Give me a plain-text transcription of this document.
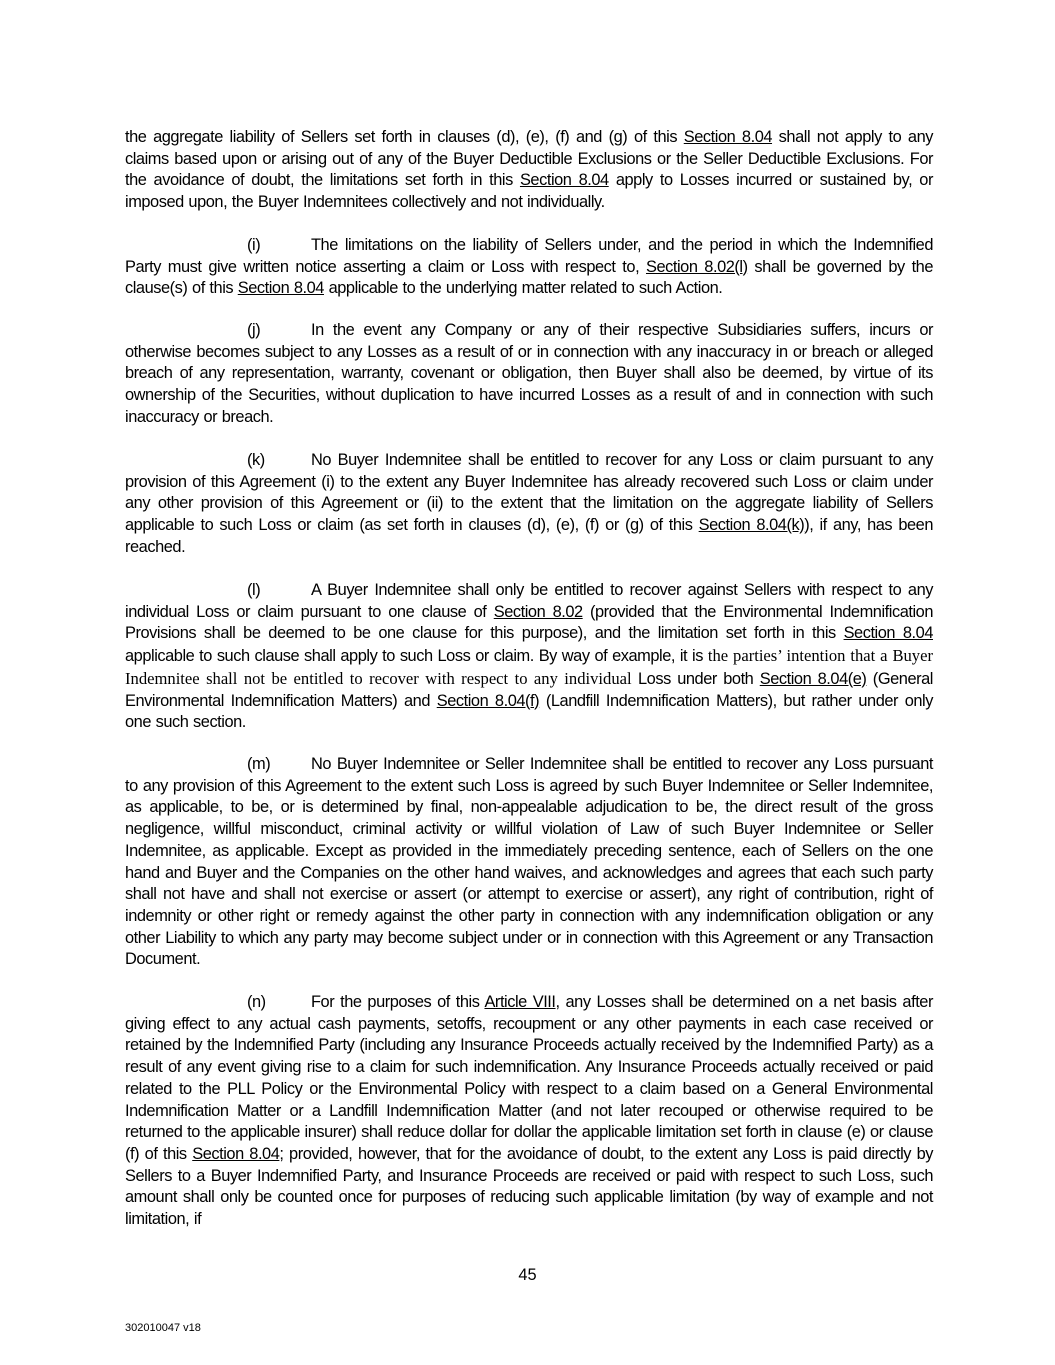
the aggregate liability of Sellers set forth in clauses (d), (e), (f) and (g) of this Section 8.04 shall not apply to any claims based upon or arising out of any of the Buyer Deductible Exclusions or the Seller Deductible Exclusions. For the avoidance of doubt, the limitations set forth in this Section 8.04 apply to Losses incurred or sustained by, or imposed upon, the Buyer Indemnitees collectively and not individually.

(i)	The limitations on the liability of Sellers under, and the period in which the Indemnified Party must give written notice asserting a claim or Loss with respect to, Section 8.02(l) shall be governed by the clause(s) of this Section 8.04 applicable to the underlying matter related to such Action.

(j)	In the event any Company or any of their respective Subsidiaries suffers, incurs or otherwise becomes subject to any Losses as a result of or in connection with any inaccuracy in or breach or alleged breach of any representation, warranty, covenant or obligation, then Buyer shall also be deemed, by virtue of its ownership of the Securities, without duplication to have incurred Losses as a result of and in connection with such inaccuracy or breach.

(k)	No Buyer Indemnitee shall be entitled to recover for any Loss or claim pursuant to any provision of this Agreement (i) to the extent any Buyer Indemnitee has already recovered such Loss or claim under any other provision of this Agreement or (ii) to the extent that the limitation on the aggregate liability of Sellers applicable to such Loss or claim (as set forth in clauses (d), (e), (f) or (g) of this Section 8.04(k)), if any, has been reached.

(l)	A Buyer Indemnitee shall only be entitled to recover against Sellers with respect to any individual Loss or claim pursuant to one clause of Section 8.02 (provided that the Environmental Indemnification Provisions shall be deemed to be one clause for this purpose), and the limitation set forth in this Section 8.04 applicable to such clause shall apply to such Loss or claim. By way of example, it is the parties’ intention that a Buyer Indemnitee shall not be entitled to recover with respect to any individual Loss under both Section 8.04(e) (General Environmental Indemnification Matters) and Section 8.04(f) (Landfill Indemnification Matters), but rather under only one such section.

(m) No Buyer Indemnitee or Seller Indemnitee shall be entitled to recover any Loss pursuant to any provision of this Agreement to the extent such Loss is agreed by such Buyer Indemnitee or Seller Indemnitee, as applicable, to be, or is determined by final, non-appealable adjudication to be, the direct result of the gross negligence, willful misconduct, criminal activity or willful violation of Law of such Buyer Indemnitee or Seller Indemnitee, as applicable. Except as provided in the immediately preceding sentence, each of Sellers on the one hand and Buyer and the Companies on the other hand waives, and acknowledges and agrees that each such party shall not have and shall not exercise or assert (or attempt to exercise or assert), any right of contribution, right of indemnity or other right or remedy against the other party in connection with any indemnification obligation or any other Liability to which any party may become subject under or in connection with this Agreement or any Transaction Document.

(n)	For the purposes of this Article VIII, any Losses shall be determined on a net basis after giving effect to any actual cash payments, setoffs, recoupment or any other payments in each case received or retained by the Indemnified Party (including any Insurance Proceeds actually received by the Indemnified Party) as a result of any event giving rise to a claim for such indemnification. Any Insurance Proceeds actually received or paid related to the PLL Policy or the Environmental Policy with respect to a claim based on a General Environmental Indemnification Matter or a Landfill Indemnification Matter (and not later recouped or otherwise required to be returned to the applicable insurer) shall reduce dollar for dollar the applicable limitation set forth in clause (e) or clause (f) of this Section 8.04; provided, however, that for the avoidance of doubt, to the extent any Loss is paid directly by Sellers to a Buyer Indemnified Party, and Insurance Proceeds are received or paid with respect to such Loss, such amount shall only be counted once for purposes of reducing such applicable limitation (by way of example and not limitation, if

45
302010047 v18
